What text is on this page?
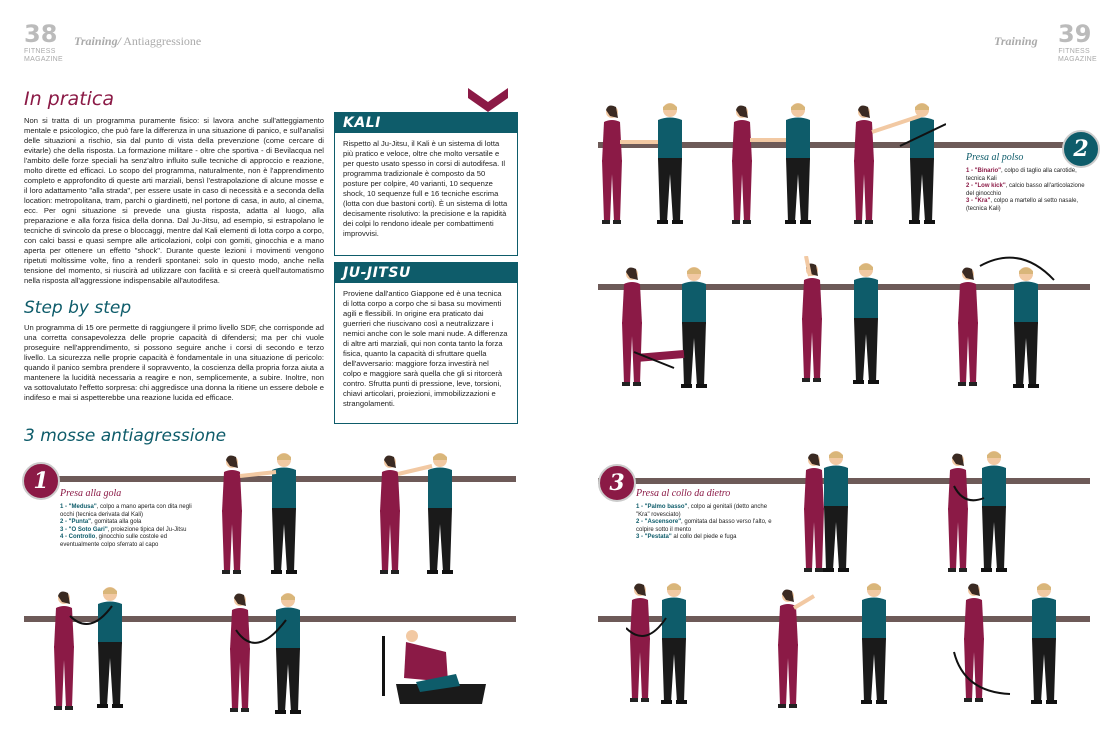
38
FITNESS
MAGAZINE
Training/ Antiaggressione	Training 39
FITNESS
MAGAZINE
In pratica
Non si tratta di un programma puramente fisico: si lavora anche sull'atteggiamento mentale e psicologico, che può fare la differenza in una situazione di panico, e sull'analisi delle situazioni a rischio, sia dal punto di vista della prevenzione (come cercare di evitarle) che della risposta. La formazione militare - oltre che sportiva - di Bevilacqua nel l'ambito delle forze speciali ha senz'altro influito sulle tecniche di approccio e reazione, molto dirette ed efficaci. Lo scopo del programma, naturalmente, non è l'apprendimento completo e approfondito di queste arti marziali, bensì l'estrapolazione di alcune mosse e il loro adattamento "alla strada", per essere usate in caso di necessità e a seconda della location: metropolitana, tram, parchi o giardinetti, nel portone di casa, in auto, al cinema, ecc. Per ogni situazione si prevede una giusta risposta, adatta al luogo, alla preparazione e alla forza fisica della donna. Dal Ju-Jitsu, ad esempio, si estrapolano le tecniche di svincolo da prese o bloccaggi, mentre dal Kali elementi di lotta corpo a corpo, con calci bassi e quasi sempre alle articolazioni, colpi con gomiti, ginocchia e a mano aperta per ottenere un effetto "shock". Durante queste lezioni i movimenti vengono ripetuti moltissime volte, fino a renderli spontanei: solo in questo modo, anche nella tensione del momento, si riuscirà ad utilizzare con facilità e si creerà quell'automatismo nella risposta all'aggressione indispensabile all'autodifesa.
Step by step
Un programma di 15 ore permette di raggiungere il primo livello SDF, che corrisponde ad una corretta consapevolezza delle proprie capacità di difendersi; ma per chi vuole proseguire nell'apprendimento, si possono seguire anche i corsi di secondo e terzo livello. La sicurezza nelle proprie capacità è fondamentale in una situazione di pericolo: quando il panico sembra prendere il sopravvento, la coscienza della propria forza aiuta a mantenere la lucidità necessaria a reagire e non, semplicemente, a subire. Inoltre, non va sottovalutato l'effetto sorpresa: chi aggredisce una donna la ritiene un essere debole e indifeso e mai si aspetterebbe una reazione lucida ed efficace.
KALI
Rispetto al Ju-Jitsu, il Kali è un sistema di lotta più pratico e veloce, oltre che molto versatile e per questo usato spesso in corsi di autodifesa. Il programma tradizionale è composto da 50 posture per colpire, 40 varianti, 10 sequenze shock, 10 sequenze full e 16 tecniche escrima (lotta con due bastoni corti). È un sistema di lotta decisamente risolutivo: la precisione e la rapidità dei colpi lo rendono ideale per combattimenti improvvisi.
JU-JITSU
Proviene dall'antico Giappone ed è una tecnica di lotta corpo a corpo che si basa su movimenti agili e flessibili. In origine era praticato dai guerrieri che riuscivano così a neutralizzare i nemici anche con le sole mani nude. A differenza di altre arti marziali, qui non conta tanto la forza fisica, quanto la capacità di sfruttare quella dell'avversario: maggiore forza investirà nel colpo e maggiore sarà quella che gli si ritorcerà contro. Sfrutta punti di pressione, leve, torsioni, chiavi articolari, proiezioni, immobilizzazioni e strangolamenti.
3 mosse antiagressione
1	Presa alla gola
1 - "Medusa", colpo a mano aperta con dita negli occhi (tecnica derivata dal Kali)
2 - "Punta", gomitata alla gola
3 - "O Soto Gari", proiezione tipica del Ju-Jitsu
4 - Controllo, ginocchio sulle costole ed eventualmente colpo sferrato al capo
2
Presa al polso
1 - "Binario", colpo di taglio alla carotide, tecnica Kali
2 - "Low kick", calcio basso all'articolazione del ginocchio
3 - "Kra", colpo a martello al setto nasale, (tecnica Kali)
3	Presa al collo da dietro
1 - "Palmo basso", colpo ai genitali (detto anche "Kra" rovesciato)
2 - "Ascensore", gomitata dal basso verso l'alto, e colpire sotto il mento
3 - "Pestata" al collo del piede e fuga
